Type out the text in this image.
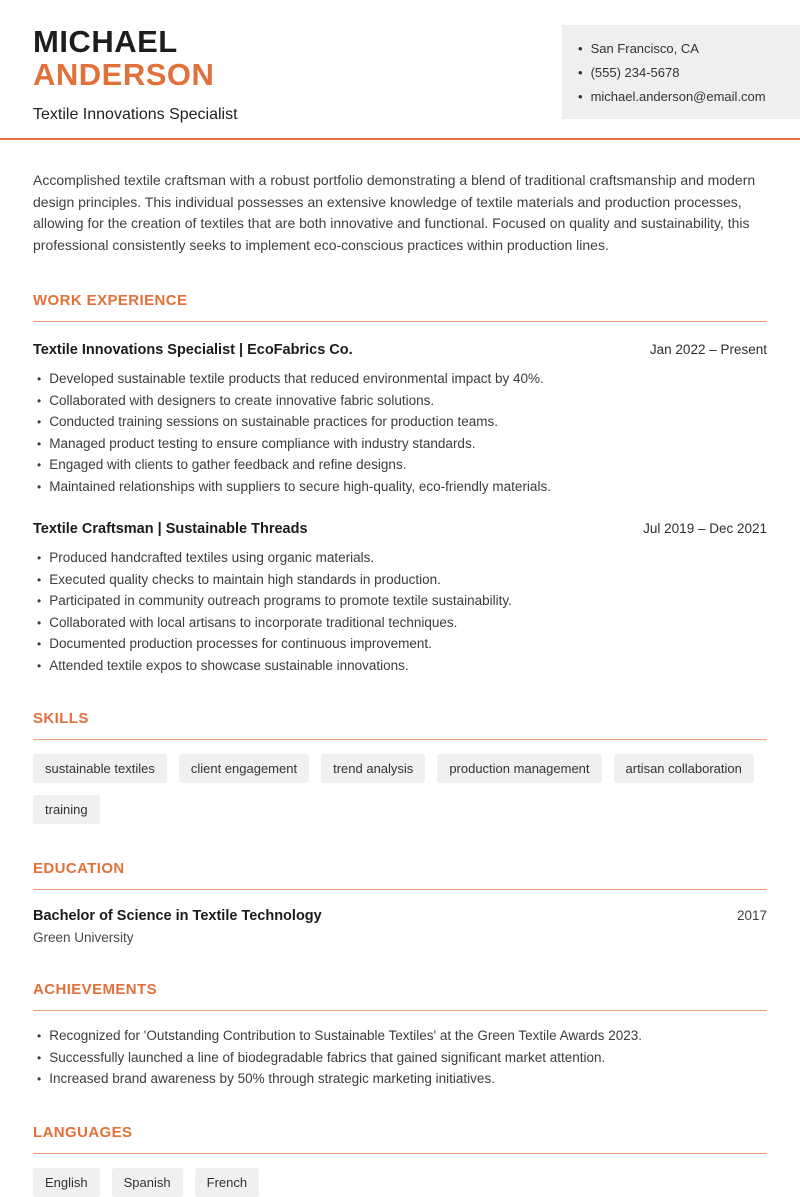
MICHAEL
ANDERSON
Textile Innovations Specialist
• San Francisco, CA
• (555) 234-5678
• michael.anderson@email.com

Accomplished textile craftsman with a robust portfolio demonstrating a blend of traditional craftsmanship and modern design principles. This individual possesses an extensive knowledge of textile materials and production processes, allowing for the creation of textiles that are both innovative and functional. Focused on quality and sustainability, this professional consistently seeks to implement eco-conscious practices within production lines.

WORK EXPERIENCE
Textile Innovations Specialist | EcoFabrics Co.	Jan 2022 – Present
• Developed sustainable textile products that reduced environmental impact by 40%.
• Collaborated with designers to create innovative fabric solutions.
• Conducted training sessions on sustainable practices for production teams.
• Managed product testing to ensure compliance with industry standards.
• Engaged with clients to gather feedback and refine designs.
• Maintained relationships with suppliers to secure high-quality, eco-friendly materials.
Textile Craftsman | Sustainable Threads	Jul 2019 – Dec 2021
• Produced handcrafted textiles using organic materials.
• Executed quality checks to maintain high standards in production.
• Participated in community outreach programs to promote textile sustainability.
• Collaborated with local artisans to incorporate traditional techniques.
• Documented production processes for continuous improvement.
• Attended textile expos to showcase sustainable innovations.
SKILLS
sustainable textiles	client engagement	trend analysis	production management	artisan collaboration
training
EDUCATION
Bachelor of Science in Textile Technology	2017
Green University
ACHIEVEMENTS
• Recognized for 'Outstanding Contribution to Sustainable Textiles' at the Green Textile Awards 2023.
• Successfully launched a line of biodegradable fabrics that gained significant market attention.
• Increased brand awareness by 50% through strategic marketing initiatives.
LANGUAGES
English	Spanish	French
